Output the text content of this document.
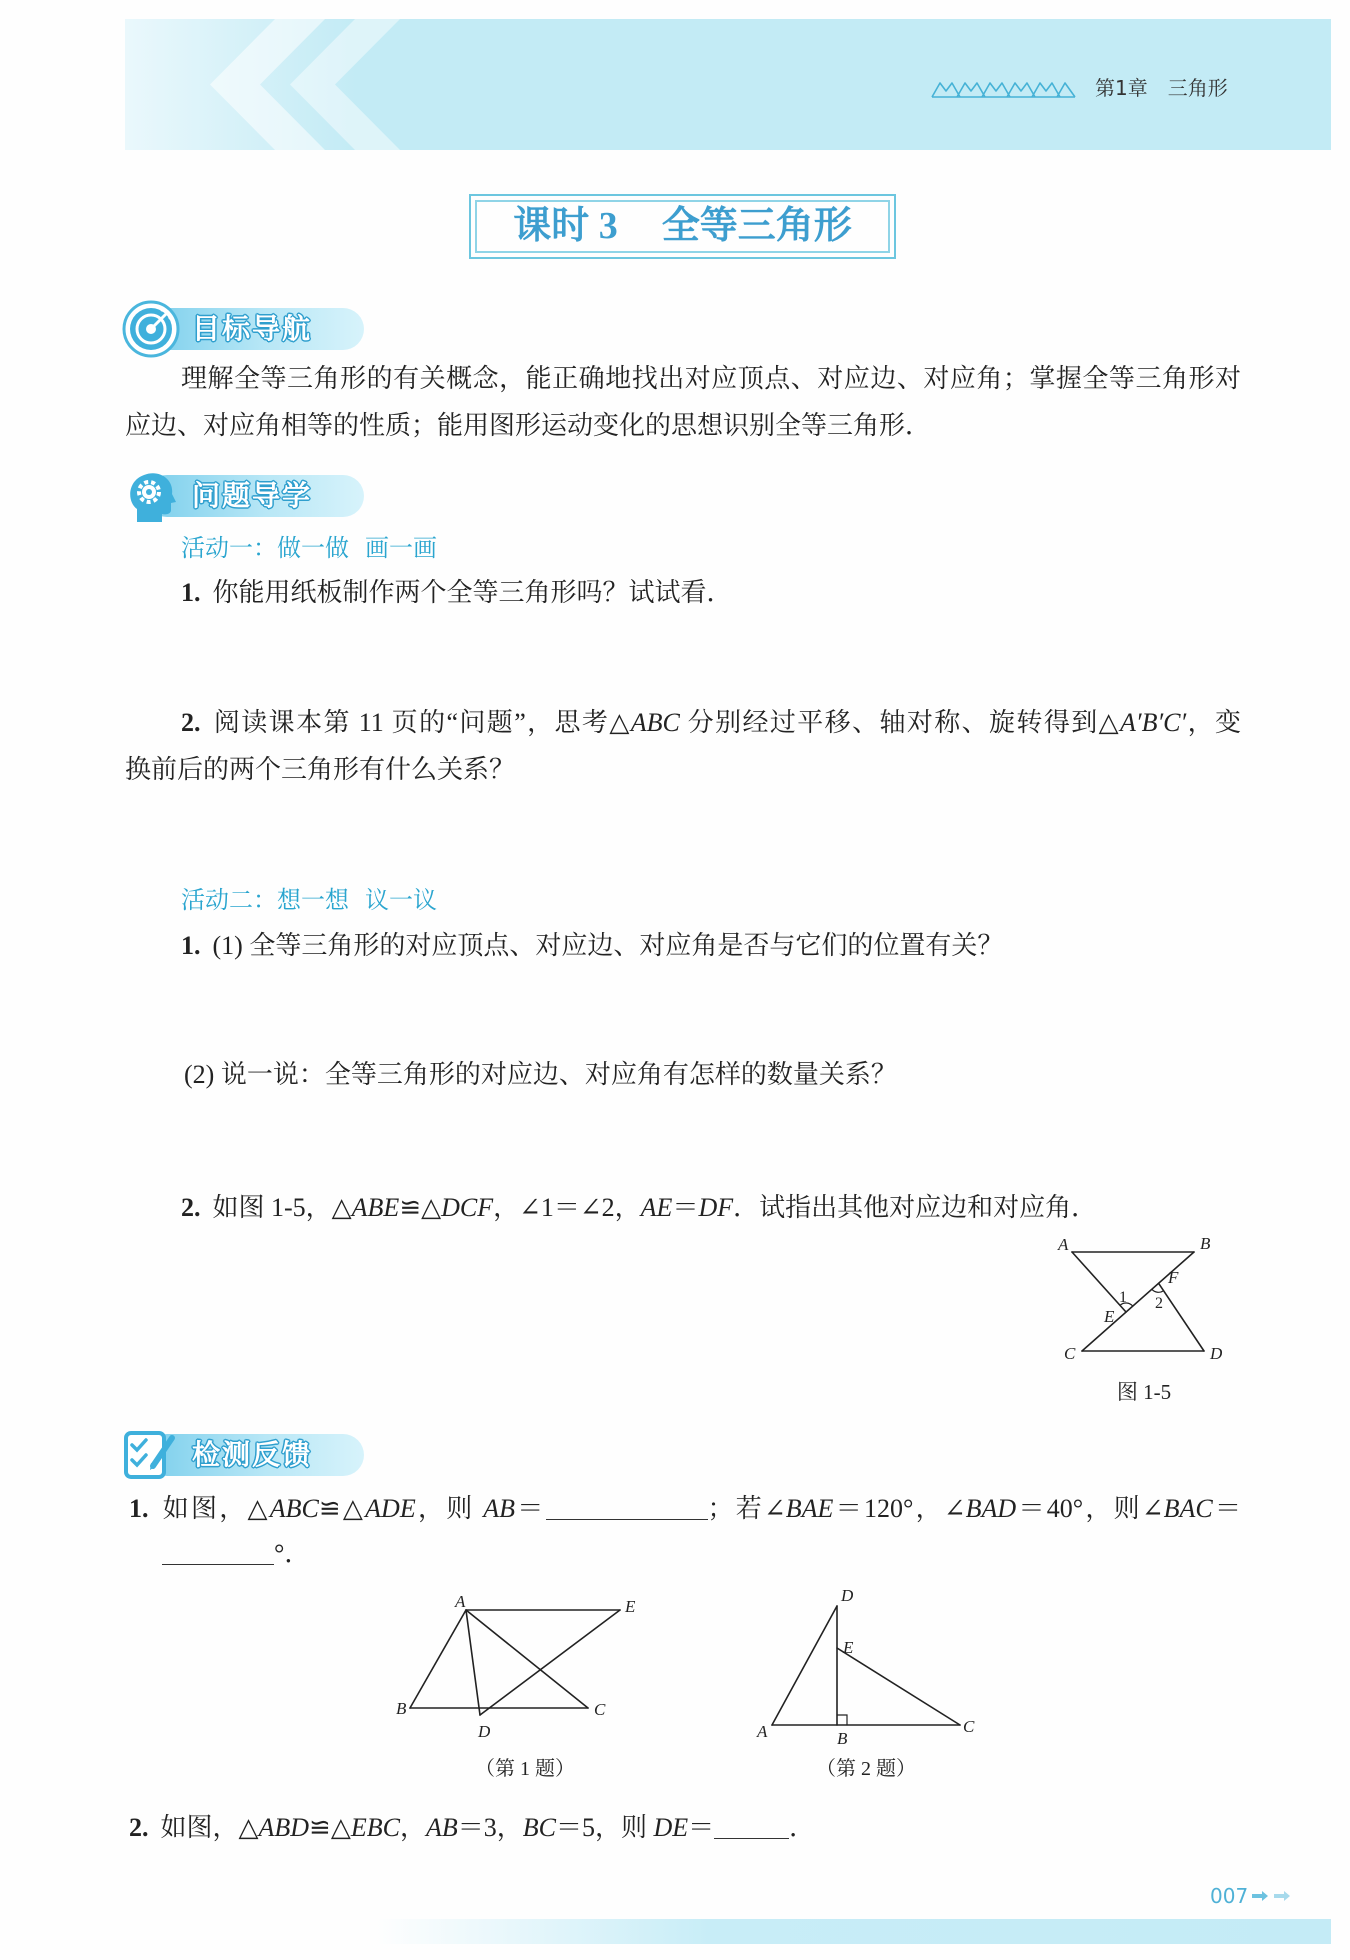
第1章 三角形
课时 3 全等三角形
目标导航
理解全等三角形的有关概念，能正确地找出对应顶点、对应边、对应角；掌握全等三角形对
应边、对应角相等的性质；能用图形运动变化的思想识别全等三角形．
问题导学
活动一：做一做 画一画
1. 你能用纸板制作两个全等三角形吗？试试看．
2. 阅读课本第 11 页的“问题”，思考△ABC 分别经过平移、轴对称、旋转得到△A′B′C′，变
换前后的两个三角形有什么关系？
活动二：想一想 议一议
1. (1) 全等三角形的对应顶点、对应边、对应角是否与它们的位置有关？
(2) 说一说：全等三角形的对应边、对应角有怎样的数量关系？
2. 如图 1-5，△ABE≌△DCF，∠1＝∠2，AE＝DF．试指出其他对应边和对应角．
A	B
C	D
E
F
1 2
图 1-5
检测反馈
1. 如图，△ABC≌△ADE，则 AB＝	；若∠BAE＝120°，∠BAD＝40°，则∠BAC＝
°．
A	E
B	C
D
（第 1 题）
D
E
A	B
C
（第 2 题）
2. 如图，△ABD≌△EBC，AB＝3，BC＝5，则 DE＝	．
007
